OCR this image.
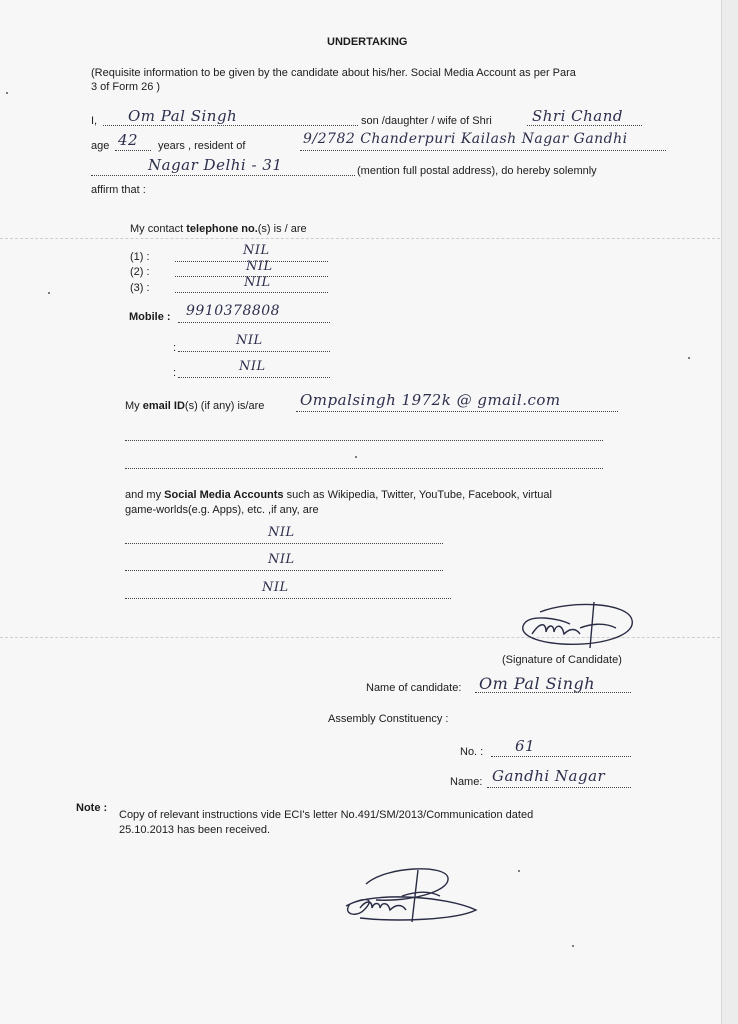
UNDERTAKING
(Requisite information to be given by the candidate about his/her. Social Media Account as per Para
3 of Form 26 )
I, Om Pal Singh	son /daughter / wife of Shri	Shri Chand
age 42 years , resident of	9/2782 Chanderpuri Kailash Nagar Gandhi
Nagar Delhi - 31	(mention full postal address), do hereby solemnly
affirm that :
My contact telephone no.(s) is / are
(1) :	NIL
(2) :	NIL
(3) :	NIL
Mobile : 9910378808
:	NIL
:	NIL
My email ID(s) (if any) is/are Ompalsingh 1972k @ gmail.com
and my Social Media Accounts such as Wikipedia, Twitter, YouTube, Facebook, virtual
game-worlds(e.g. Apps), etc. ,if any, are
NIL
NIL
NIL
(Signature of Candidate)
Name of candidate: Om Pal Singh
Assembly Constituency :
No. : 61
Name: Gandhi Nagar
Note :
Copy of relevant instructions vide ECI's letter No.491/SM/2013/Communication dated
25.10.2013 has been received.
